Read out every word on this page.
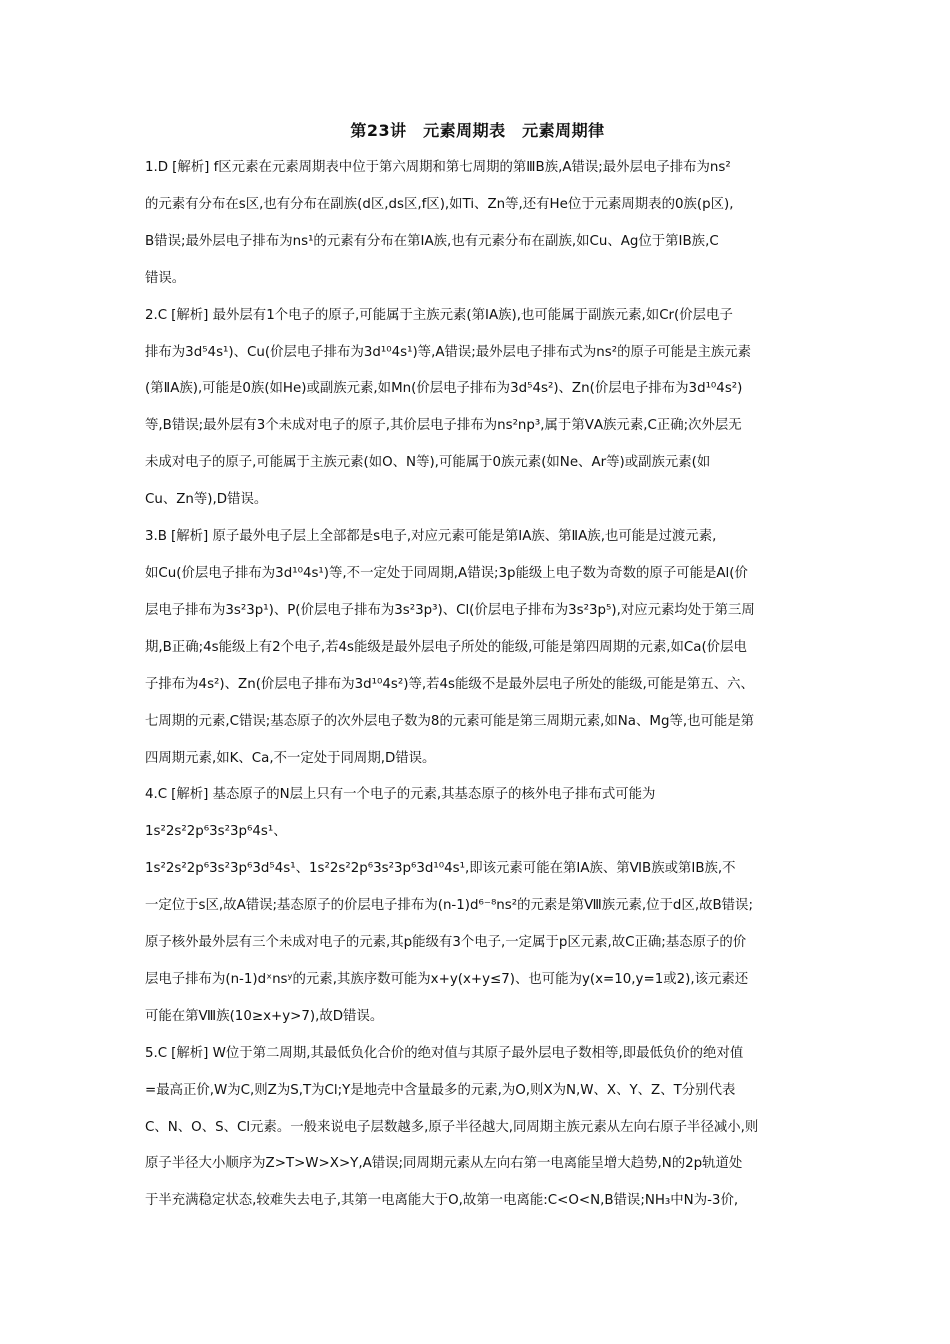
第23讲　元素周期表　元素周期律
1.D [解析] f区元素在元素周期表中位于第六周期和第七周期的第ⅢB族,A错误;最外层电子排布为ns²
的元素有分布在s区,也有分布在副族(d区,ds区,f区),如Ti、Zn等,还有He位于元素周期表的0族(p区),
B错误;最外层电子排布为ns¹的元素有分布在第ⅠA族,也有元素分布在副族,如Cu、Ag位于第ⅠB族,C
错误。
2.C [解析] 最外层有1个电子的原子,可能属于主族元素(第ⅠA族),也可能属于副族元素,如Cr(价层电子
排布为3d⁵4s¹)、Cu(价层电子排布为3d¹⁰4s¹)等,A错误;最外层电子排布式为ns²的原子可能是主族元素
(第ⅡA族),可能是0族(如He)或副族元素,如Mn(价层电子排布为3d⁵4s²)、Zn(价层电子排布为3d¹⁰4s²)
等,B错误;最外层有3个未成对电子的原子,其价层电子排布为ns²np³,属于第ⅤA族元素,C正确;次外层无
未成对电子的原子,可能属于主族元素(如O、N等),可能属于0族元素(如Ne、Ar等)或副族元素(如
Cu、Zn等),D错误。
3.B [解析] 原子最外电子层上全部都是s电子,对应元素可能是第ⅠA族、第ⅡA族,也可能是过渡元素,
如Cu(价层电子排布为3d¹⁰4s¹)等,不一定处于同周期,A错误;3p能级上电子数为奇数的原子可能是Al(价
层电子排布为3s²3p¹)、P(价层电子排布为3s²3p³)、Cl(价层电子排布为3s²3p⁵),对应元素均处于第三周
期,B正确;4s能级上有2个电子,若4s能级是最外层电子所处的能级,可能是第四周期的元素,如Ca(价层电
子排布为4s²)、Zn(价层电子排布为3d¹⁰4s²)等,若4s能级不是最外层电子所处的能级,可能是第五、六、
七周期的元素,C错误;基态原子的次外层电子数为8的元素可能是第三周期元素,如Na、Mg等,也可能是第
四周期元素,如K、Ca,不一定处于同周期,D错误。
4.C [解析] 基态原子的N层上只有一个电子的元素,其基态原子的核外电子排布式可能为
1s²2s²2p⁶3s²3p⁶4s¹、
1s²2s²2p⁶3s²3p⁶3d⁵4s¹、1s²2s²2p⁶3s²3p⁶3d¹⁰4s¹,即该元素可能在第ⅠA族、第ⅥB族或第ⅠB族,不
一定位于s区,故A错误;基态原子的价层电子排布为(n-1)d⁶⁻⁸ns²的元素是第Ⅷ族元素,位于d区,故B错误;
原子核外最外层有三个未成对电子的元素,其p能级有3个电子,一定属于p区元素,故C正确;基态原子的价
层电子排布为(n-1)dˣnsʸ的元素,其族序数可能为x+y(x+y≤7)、也可能为y(x=10,y=1或2),该元素还
可能在第Ⅷ族(10≥x+y>7),故D错误。
5.C [解析] W位于第二周期,其最低负化合价的绝对值与其原子最外层电子数相等,即最低负价的绝对值
=最高正价,W为C,则Z为S,T为Cl;Y是地壳中含量最多的元素,为O,则X为N,W、X、Y、Z、T分别代表
C、N、O、S、Cl元素。一般来说电子层数越多,原子半径越大,同周期主族元素从左向右原子半径减小,则
原子半径大小顺序为Z>T>W>X>Y,A错误;同周期元素从左向右第一电离能呈增大趋势,N的2p轨道处
于半充满稳定状态,较难失去电子,其第一电离能大于O,故第一电离能:C<O<N,B错误;NH₃中N为-3价,
